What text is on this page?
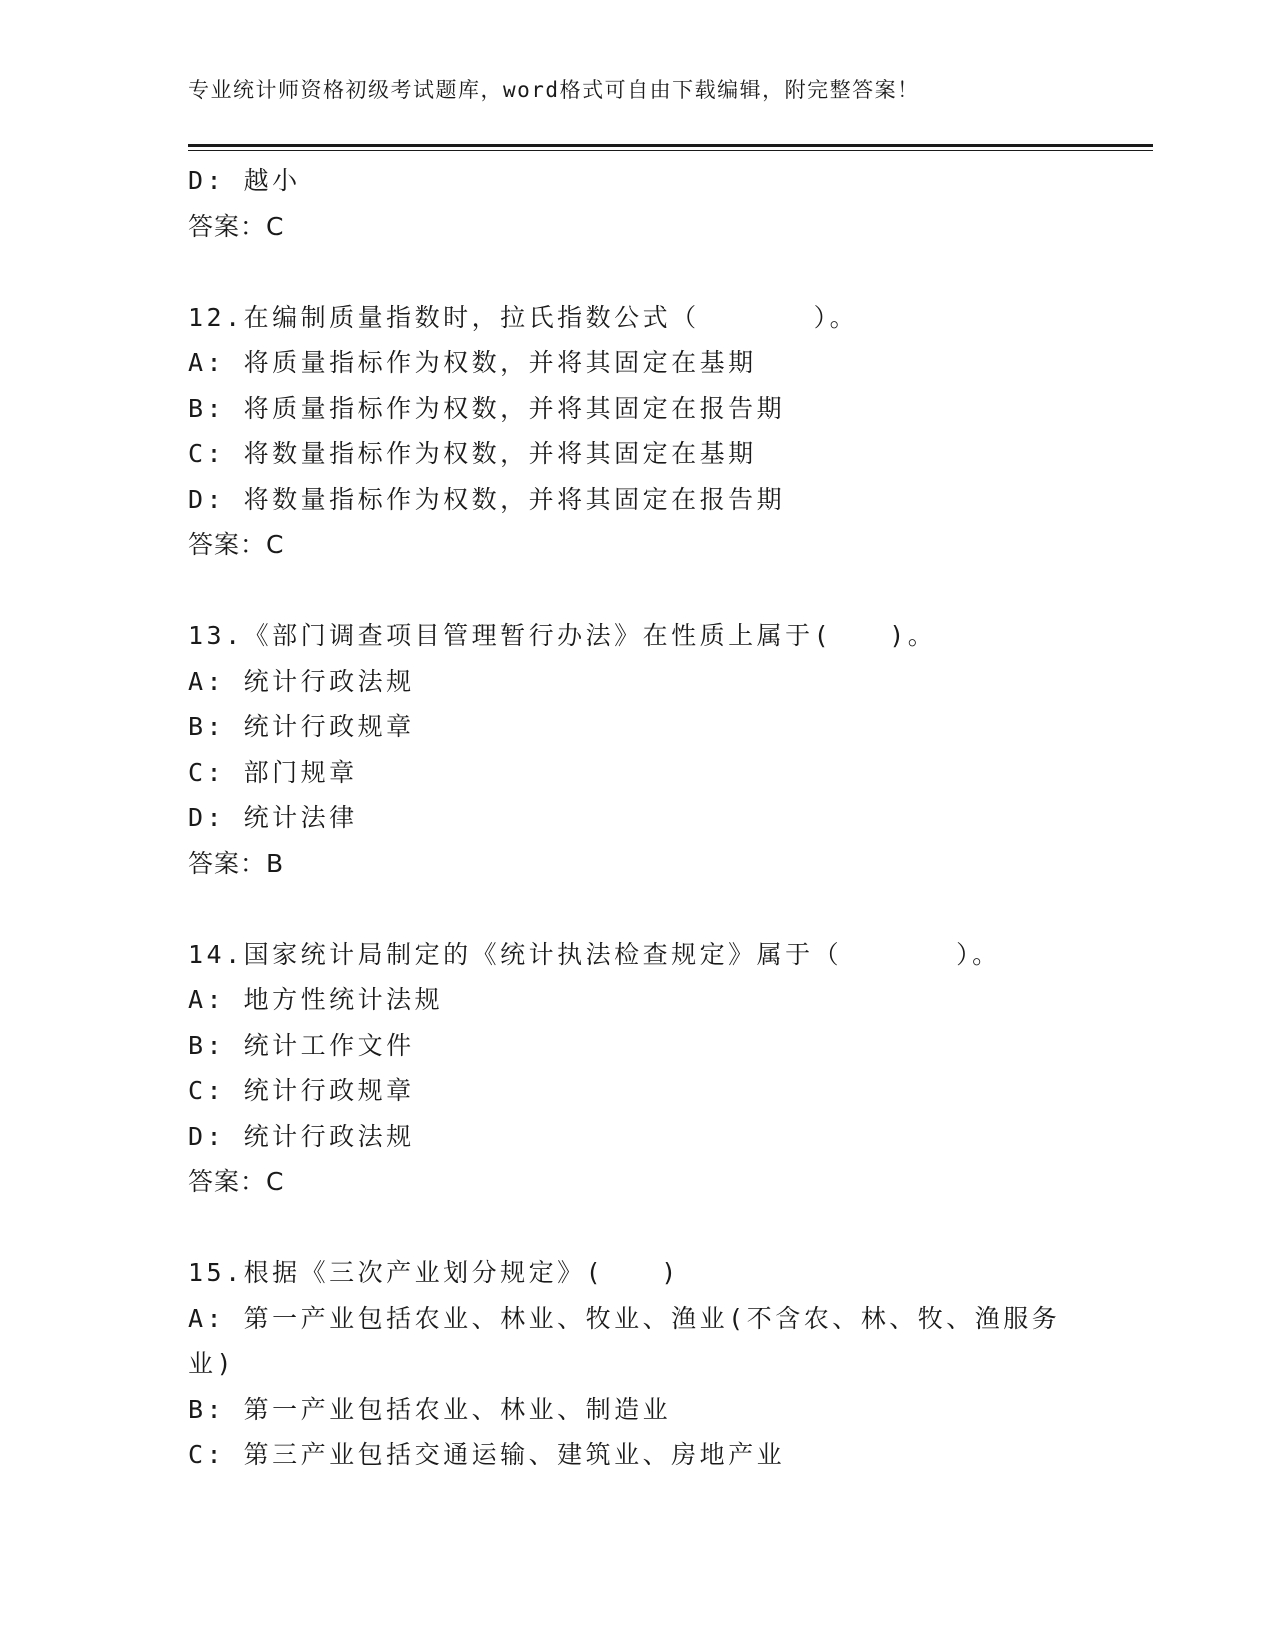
专业统计师资格初级考试题库，word格式可自由下载编辑，附完整答案！
D: 越小
答案：C
12.在编制质量指数时，拉氏指数公式（　　　　）。
A: 将质量指标作为权数，并将其固定在基期
B: 将质量指标作为权数，并将其固定在报告期
C: 将数量指标作为权数，并将其固定在基期
D: 将数量指标作为权数，并将其固定在报告期
答案：C
13.《部门调查项目管理暂行办法》在性质上属于(　　)。
A: 统计行政法规
B: 统计行政规章
C: 部门规章
D: 统计法律
答案：B
14.国家统计局制定的《统计执法检查规定》属于（　　　　）。
A: 地方性统计法规
B: 统计工作文件
C: 统计行政规章
D: 统计行政法规
答案：C
15.根据《三次产业划分规定》(　　)
A: 第一产业包括农业、林业、牧业、渔业(不含农、林、牧、渔服务
业)
B: 第一产业包括农业、林业、制造业
C: 第三产业包括交通运输、建筑业、房地产业
